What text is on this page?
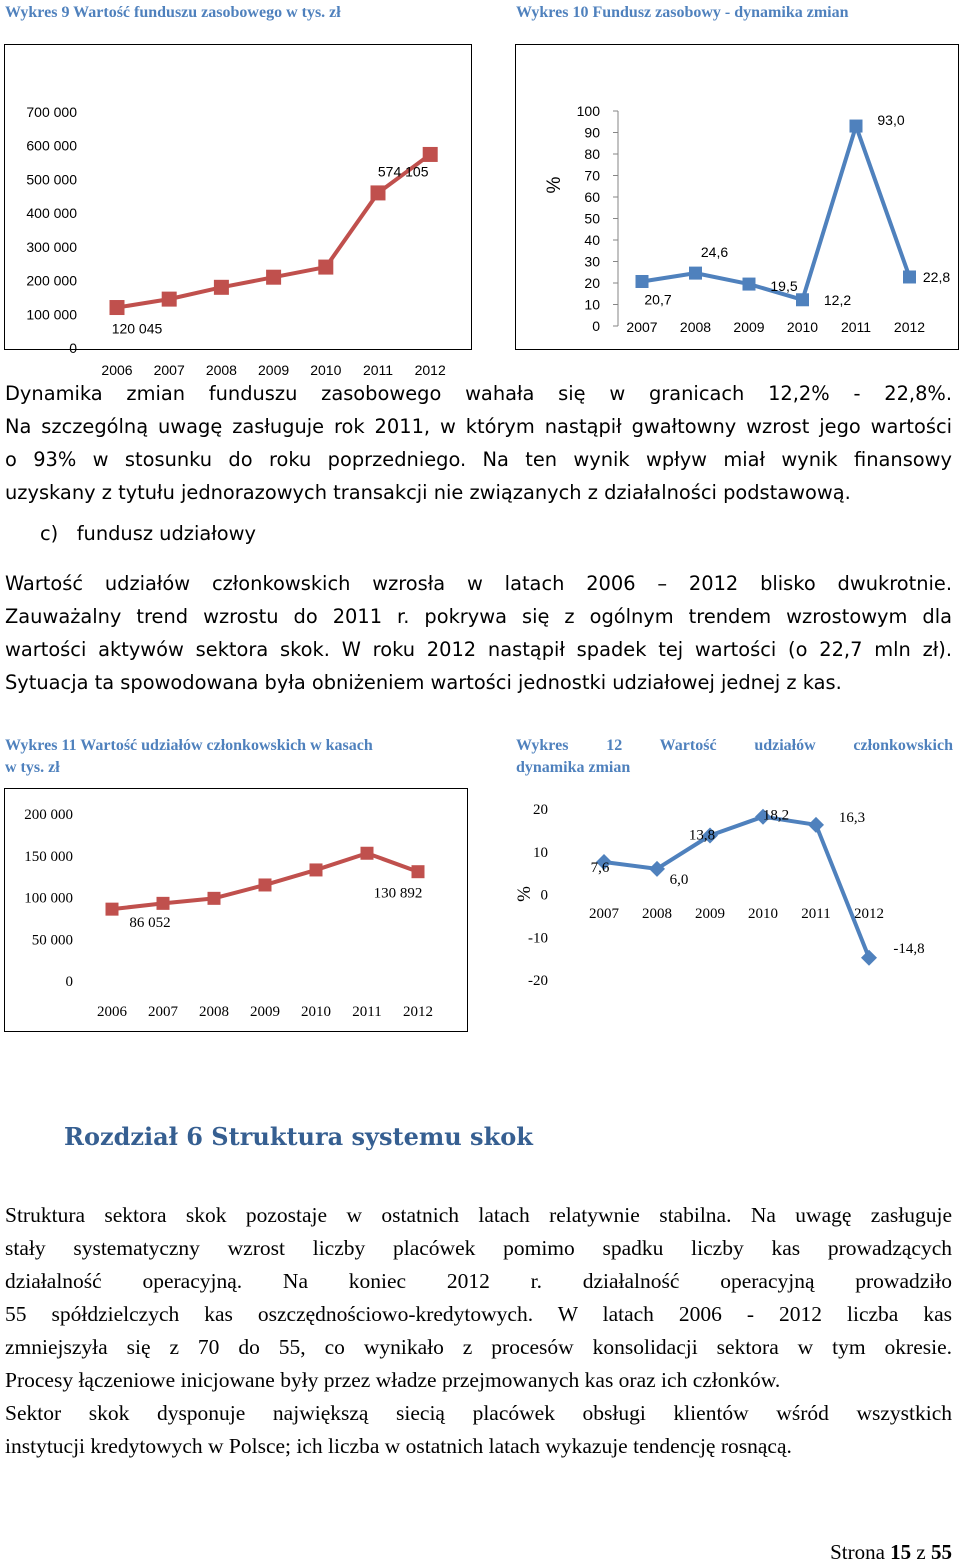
Wykres 9 Wartość funduszu zasobowego w tys. zł	Wykres 10 Fundusz zasobowy - dynamika zmian
700 000
600 000
500 000
400 000
300 000
200 000
100 000
0
2006 2007 2008 2009 2010 2011 2012
120 045
574 105
100
90
80
70
60
50
40
30
20
10
0
%
2007 2008 2009 2010 2011 2012
20,7
24,6
19,5
12,2
93,0
22,8
Dynamika zmian funduszu zasobowego wahała się w granicach 12,2% - 22,8%.
Na szczególną uwagę zasługuje rok 2011, w którym nastąpił gwałtowny wzrost jego wartości
o 93% w stosunku do roku poprzedniego. Na ten wynik wpływ miał wynik finansowy
uzyskany z tytułu jednorazowych transakcji nie związanych z działalności podstawową.
c)   fundusz udziałowy
Wartość udziałów członkowskich wzrosła w latach 2006 – 2012 blisko dwukrotnie.
Zauważalny trend wzrostu do 2011 r. pokrywa się z ogólnym trendem wzrostowym dla
wartości aktywów sektora skok. W roku 2012 nastąpił spadek tej wartości (o 22,7 mln zł).
Sytuacja ta spowodowana była obniżeniem wartości jednostki udziałowej jednej z kas.
Wykres 11 Wartość udziałów członkowskich w kasach
w tys. zł
Wykres 12 Wartość udziałów członkowskich
dynamika zmian
200 000
150 000
100 000
50 000
0
2006 2007 2008 2009 2010 2011 2012
86 052
130 892
20
10
0
-10
-20
%
2007 2008 2009 2010 2011 2012
7,6
6,0
13,8
18,2	16,3
-14,8
Rozdział 6 Struktura systemu skok
Struktura sektora skok pozostaje w ostatnich latach relatywnie stabilna. Na uwagę zasługuje
stały systematyczny wzrost liczby placówek pomimo spadku liczby kas prowadzących
działalność operacyjną. Na koniec 2012 r. działalność operacyjną prowadziło
55 spółdzielczych kas oszczędnościowo-kredytowych. W latach 2006 - 2012 liczba kas
zmniejszyła się z 70 do 55, co wynikało z procesów konsolidacji sektora w tym okresie.
Procesy łączeniowe inicjowane były przez władze przejmowanych kas oraz ich członków.
Sektor skok dysponuje największą siecią placówek obsługi klientów wśród wszystkich
instytucji kredytowych w Polsce; ich liczba w ostatnich latach wykazuje tendencję rosnącą.
Strona 15 z 55
